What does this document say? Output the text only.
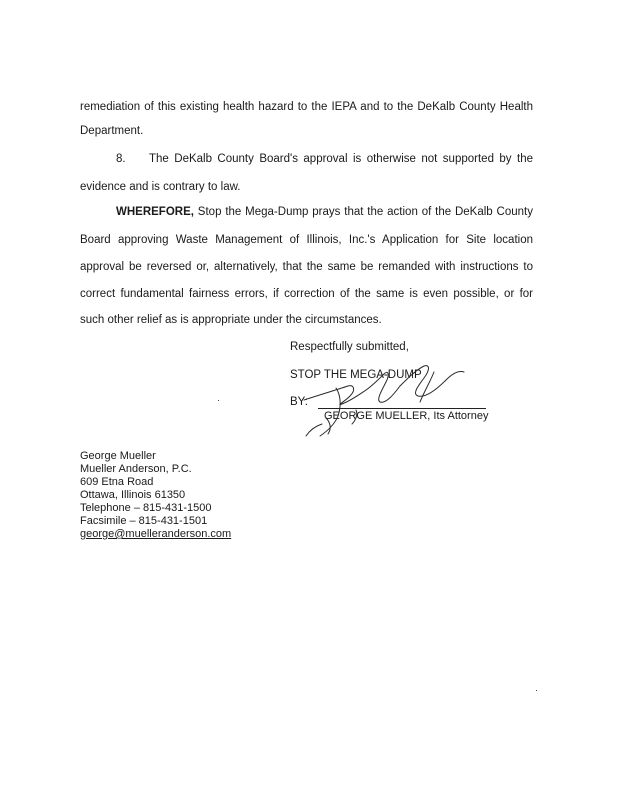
remediation of this existing health hazard to the IEPA and to the DeKalb County Health
Department.
8. The DeKalb County Board's approval is otherwise not supported by the
evidence and is contrary to law.
WHEREFORE, Stop the Mega-Dump prays that the action of the DeKalb County
Board approving Waste Management of Illinois, Inc.'s Application for Site location
approval be reversed or, alternatively, that the same be remanded with instructions to
correct fundamental fairness errors, if correction of the same is even possible, or for
such other relief as is appropriate under the circumstances.
Respectfully submitted,
STOP THE MEGA-DUMP
BY:
GEORGE MUELLER, Its Attorney
George Mueller
Mueller Anderson, P.C.
609 Etna Road
Ottawa, Illinois 61350
Telephone – 815-431-1500
Facsimile – 815-431-1501
george@muelleranderson.com
